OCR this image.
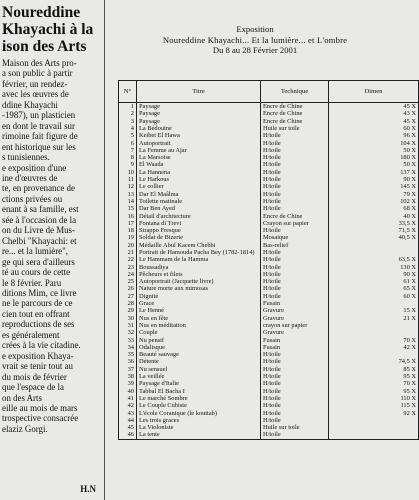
Noureddine
Khayachi à la
ison des Arts
Maison des Arts pro-
a son public à partir
février, un rendez-
avec les œuvres de
ddine Khayachi
-1987), un plasticien
en dont le travail sur
rimoine fait figure de
ent historique sur les
s tunisiennes.
e exposition d'une
ine d'œuvres de
te, en provenance de
ctions privées ou
enant à sa famille, est
sée à l'occasion de la
on du Livre de Mus-
Chelbi "Khayachi: et
re... et la lumière",
ge qui sera d'ailleurs
té au cours de cette
le 8 février. Paru
ditions Mim, ce livre
ne le parcours de ce
cien tout en offrant
reproductions de ses
es généralement
crées à la vie citadine.
e exposition Khaya-
vrait se tenir tout au
du mois de février
que l'espace de la
on des Arts
eille au mois de mars
trospective consacrée
elaziz Gorgi.
H.N
Exposition
Noureddine Khayachi... Et la lumière... et L'ombre
Du 8 au 28 Février 2001
N°	Titre	Technique	Dimen
1	Paysage	Encre de Chine	45 X
2	Paysage	Encre de Chine	43 X
3	Paysage	Encre de Chine	45 X
4	La Bédouine	Huile sur toile	60 X
5	Keibet El Hawa	H/toile	96 X
6	Autoportrait	H/toile	104 X
7	La Femme au Ajar	H/toile	50 X
8	La Marsoise	H/toile	180 X
9	El Waada	H/toile	50 X
10	La Hannena	H/toile	137 X
11	Le Harkous	H/toile	90 X
12	Le collier	H/toile	145 X
13	Dar El Maâlma	H/toile	79 X
14	Toilette matinale	H/toile	102 X
15	Dar Ben Ayed	H/toile	68 X
16	Détail d'architecture	Encre de Chine	40 X
17	Fontana di Trevi	Crayon sur papier	33,5 X
18	Strappo Fresque	H/toile	71,5 X
19	Soldat de Bizerte	Mosaique	40,5 X
20	Médaille Abul Kacem Chebbi	Bas-relief	
21	Portrait de Hamouda Pacha Bey (1782-1814)	H/toile	
22	Le Hammam de la Hamma	H/toile	63,5 X
23	Boussadiya	H/toile	130 X
24	Pêcheurs et filets	H/toile	90 X
25	Autoportrait (Jacquette livre)	H/toile	61 X
26	Nature morte aux mimosas	H/toile	65 X
27	Dignité	H/toile	60 X
28	Grace	Fusain	
29	Le Henné	Gravure	15 X
30	Nus en fête	Gravure	21 X
31	Nus en méditation	crayon sur papier	
32	Couple	Gravure	
33	Nu pensif	Fusain	70 X
34	Odalisque	Fusain	42 X
35	Beauté sauvage	H/toile	
36	Détente	H/toile	74,5 X
37	Nu sensuel	H/toile	85 X
38	La veillée	H/toile	95 X
39	Paysage d'Italie	H/toile	70 X
40	Tabbal El Bacha I	H/toile	95 X
41	Le marché Sombre	H/toile	110 X
42	Le Couple Cubiste	H/toile	115 X
43	L'école Coranique (le kouttab)	H/toile	92 X
44	Les trois graces	H/toile	
45	La Violoniste	Huile sur toile	
46	La tente	H/toile	
